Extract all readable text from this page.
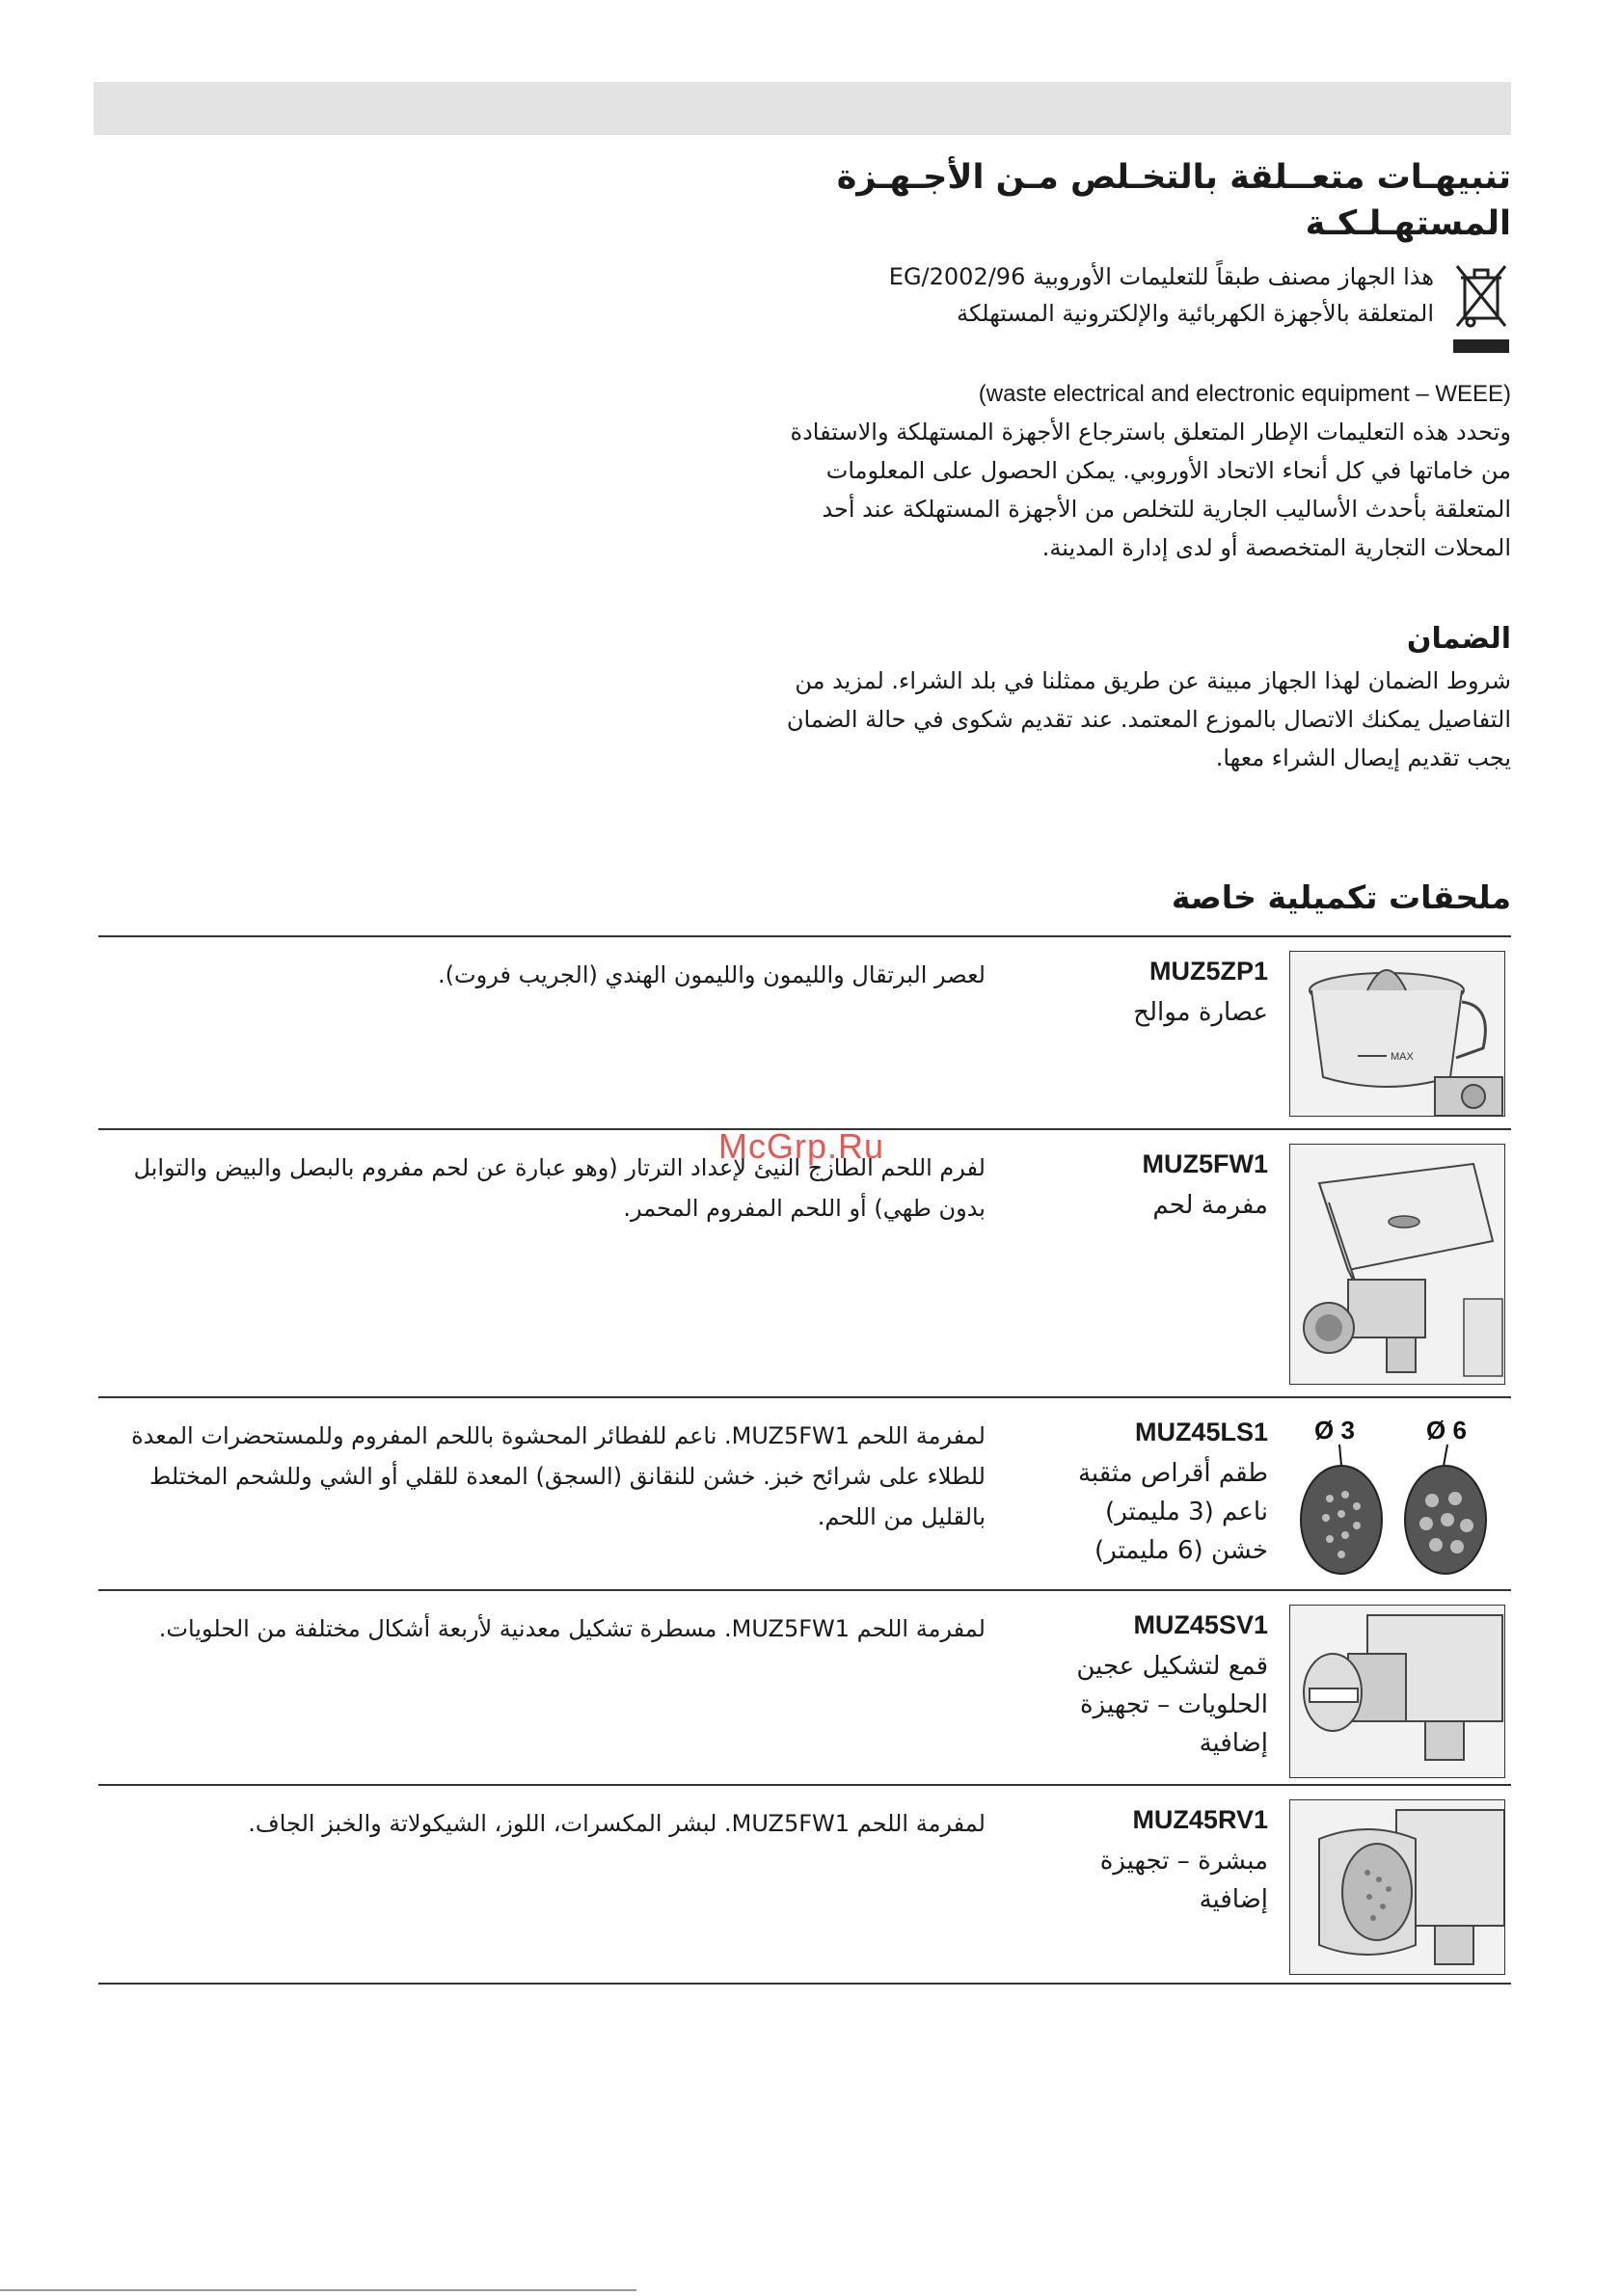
تنبيهـات متعــلقة بالتخـلص مـن الأجـهـزة المستهـلـكـة
هذا الجهاز مصنف طبقاً للتعليمات الأوروبية 2002/96/EG المتعلقة بالأجهزة الكهربائية والإلكترونية المستهلكة
(waste electrical and electronic equipment – WEEE)
وتحدد هذه التعليمات الإطار المتعلق باسترجاع الأجهزة المستهلكة والاستفادة من خاماتها في كل أنحاء الاتحاد الأوروبي. يمكن الحصول على المعلومات المتعلقة بأحدث الأساليب الجارية للتخلص من الأجهزة المستهلكة عند أحد المحلات التجارية المتخصصة أو لدى إدارة المدينة.
الضمان
شروط الضمان لهذا الجهاز مبينة عن طريق ممثلنا في بلد الشراء. لمزيد من التفاصيل يمكنك الاتصال بالموزع المعتمد. عند تقديم شكوى في حالة الضمان يجب تقديم إيصال الشراء معها.
ملحقات تكميلية خاصة
MAX
MUZ5ZP1
عصارة موالح
لعصر البرتقال والليمون والليمون الهندي (الجريب فروت).
MUZ5FW1
مفرمة لحم
لفرم اللحم الطازج النيئ لإعداد الترتار (وهو عبارة عن لحم مفروم بالبصل والبيض والتوابل بدون طهي) أو اللحم المفروم المحمر.
Ø 3	Ø 6
MUZ45LS1
طقم أقراص مثقبة ناعم (3 مليمتر) خشن (6 مليمتر)
لمفرمة اللحم MUZ5FW1. ناعم للفطائر المحشوة باللحم المفروم وللمستحضرات المعدة للطلاء على شرائح خبز. خشن للنقانق (السجق) المعدة للقلي أو الشي وللشحم المختلط بالقليل من اللحم.
MUZ45SV1
قمع لتشكيل عجين الحلويات – تجهيزة إضافية
لمفرمة اللحم MUZ5FW1. مسطرة تشكيل معدنية لأربعة أشكال مختلفة من الحلويات.
MUZ45RV1
مبشرة – تجهيزة إضافية
لمفرمة اللحم MUZ5FW1. لبشر المكسرات، اللوز، الشيكولاتة والخبز الجاف.
McGrp.Ru
